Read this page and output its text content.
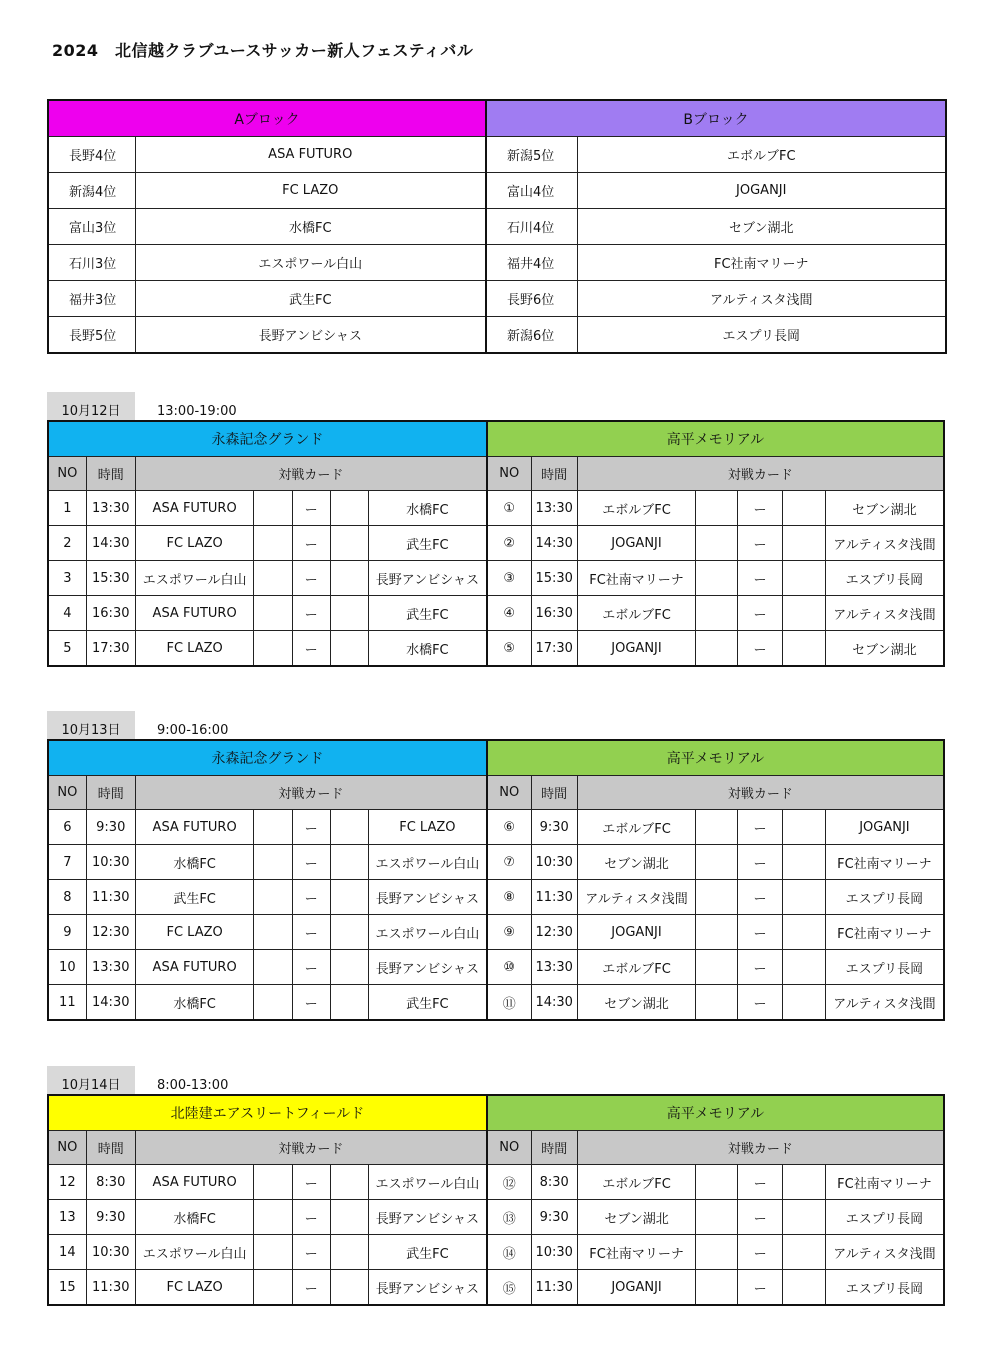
2024　北信越クラブユースサッカー新人フェスティバル
Aブロック		Bブロック	
長野4位	ASA FUTURO	新潟5位	エボルブFC
新潟4位	FC LAZO	富山4位	JOGANJI
富山3位	水橋FC	石川4位	セブン湖北
石川3位	エスポワール白山	福井4位	FC社南マリーナ
福井3位	武生FC	長野6位	アルティスタ浅間
長野5位	長野アンビシャス	新潟6位	エスプリ長岡
10月12日	13:00-19:00
永森記念グランド							高平メモリアル						
NO	時間	対戦カード					NO	時間	対戦カード				
1	13:30	ASA FUTURO		ー		水橋FC	①	13:30	エボルブFC		ー		セブン湖北
2	14:30	FC LAZO		ー		武生FC	②	14:30	JOGANJI		ー		アルティスタ浅間
3	15:30	エスポワール白山		ー		長野アンビシャス	③	15:30	FC社南マリーナ		ー		エスプリ長岡
4	16:30	ASA FUTURO		ー		武生FC	④	16:30	エボルブFC		ー		アルティスタ浅間
5	17:30	FC LAZO		ー		水橋FC	⑤	17:30	JOGANJI		ー		セブン湖北
10月13日	9:00-16:00
永森記念グランド							高平メモリアル						
NO	時間	対戦カード					NO	時間	対戦カード				
6	9:30	ASA FUTURO		ー		FC LAZO	⑥	9:30	エボルブFC		ー		JOGANJI
7	10:30	水橋FC		ー		エスポワール白山	⑦	10:30	セブン湖北		ー		FC社南マリーナ
8	11:30	武生FC		ー		長野アンビシャス	⑧	11:30	アルティスタ浅間		ー		エスプリ長岡
9	12:30	FC LAZO		ー		エスポワール白山	⑨	12:30	JOGANJI		ー		FC社南マリーナ
10	13:30	ASA FUTURO		ー		長野アンビシャス	⑩	13:30	エボルブFC		ー		エスプリ長岡
11	14:30	水橋FC		ー		武生FC	⑪	14:30	セブン湖北		ー		アルティスタ浅間
10月14日	8:00-13:00
北陸建エアスリートフィールド							高平メモリアル						
NO	時間	対戦カード					NO	時間	対戦カード				
12	8:30	ASA FUTURO		ー		エスポワール白山	⑫	8:30	エボルブFC		ー		FC社南マリーナ
13	9:30	水橋FC		ー		長野アンビシャス	⑬	9:30	セブン湖北		ー		エスプリ長岡
14	10:30	エスポワール白山		ー		武生FC	⑭	10:30	FC社南マリーナ		ー		アルティスタ浅間
15	11:30	FC LAZO		ー		長野アンビシャス	⑮	11:30	JOGANJI		ー		エスプリ長岡
